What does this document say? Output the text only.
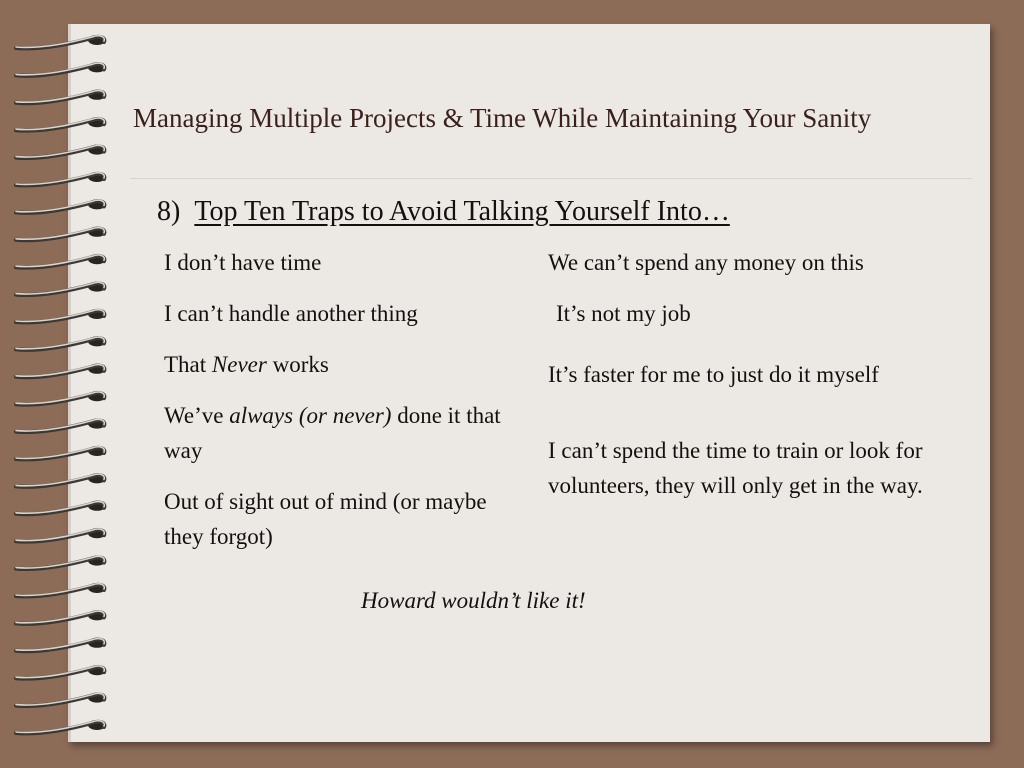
Managing Multiple Projects & Time While Maintaining Your Sanity
8) Top Ten Traps to Avoid Talking Yourself Into…
I don’t have time
I can’t handle another thing
That Never works
We’ve always (or never) done it that way
Out of sight out of mind (or maybe they forgot)
We can’t spend any money on this
It’s not my job
It’s faster for me to just do it myself
I can’t spend the time to train or look for volunteers, they will only get in the way.
Howard wouldn’t like it!
